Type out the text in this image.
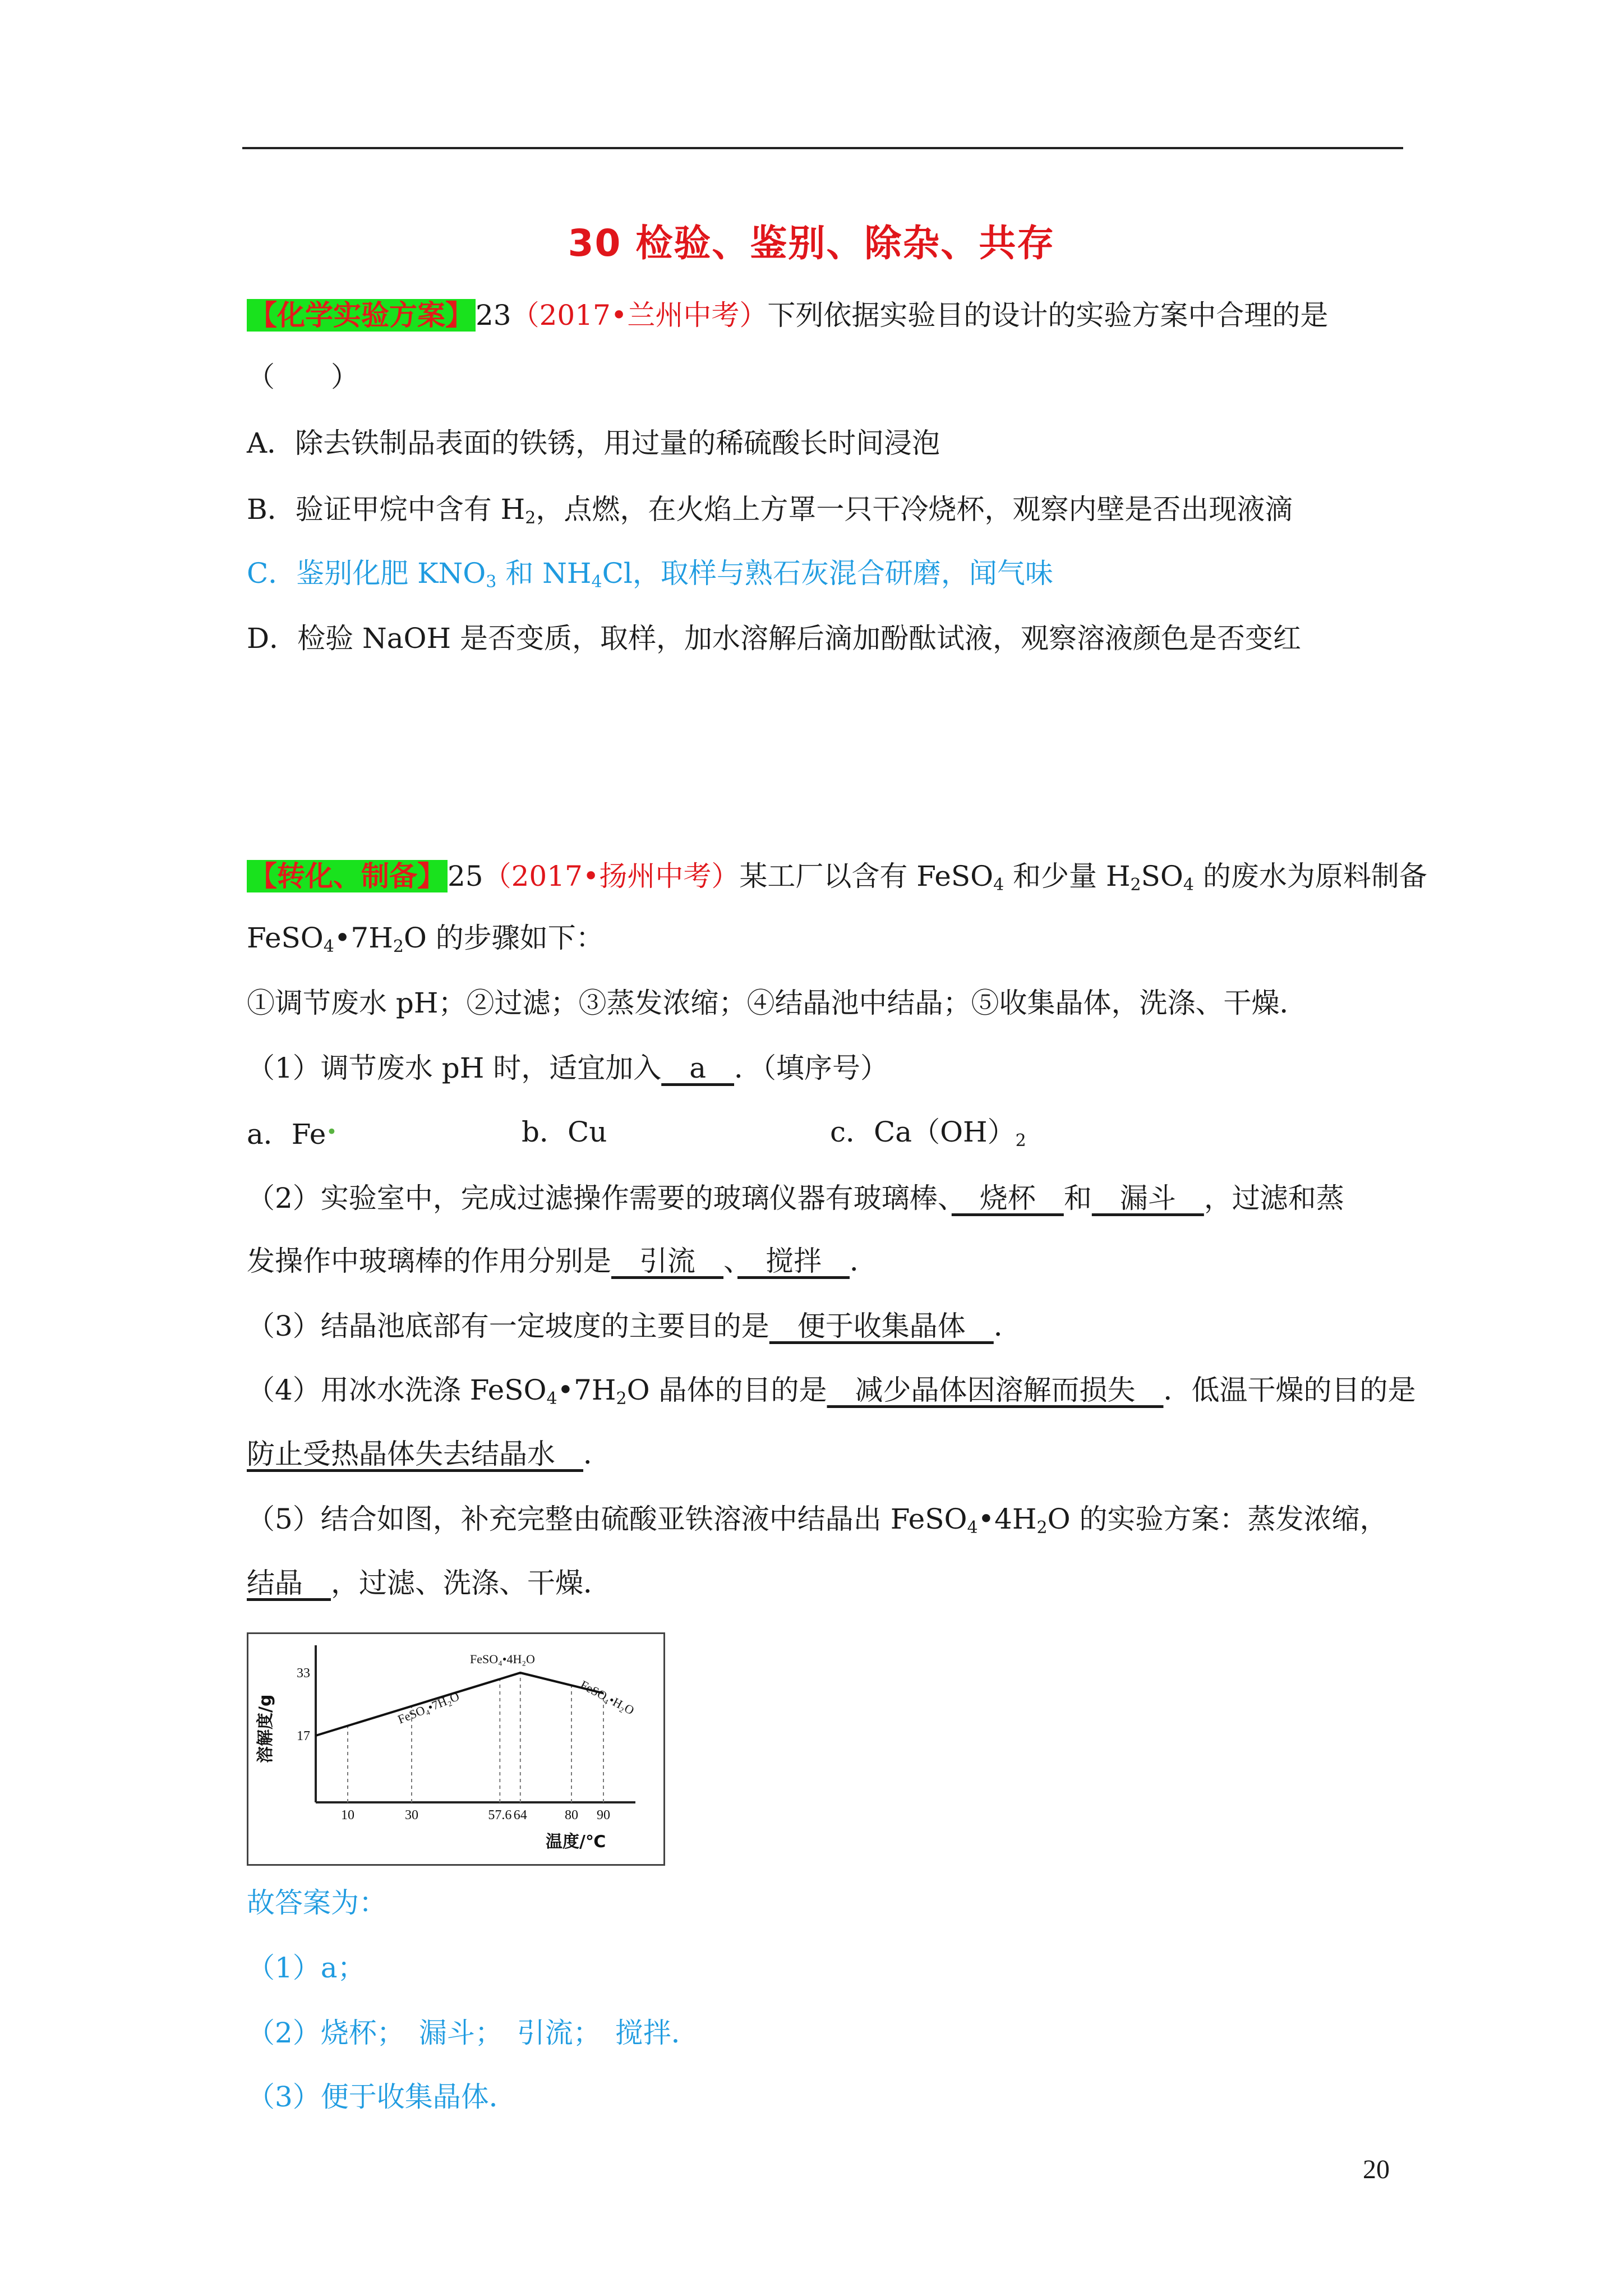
30 检验、鉴别、除杂、共存
【化学实验方案】23（2017•兰州中考）下列依据实验目的设计的实验方案中合理的是
（　　）
A．除去铁制品表面的铁锈，用过量的稀硫酸长时间浸泡
B．验证甲烷中含有 $H_2$，点燃，在火焰上方罩一只干冷烧杯，观察内壁是否出现液滴
C．鉴别化肥 $KNO_3$ 和 $NH_4Cl$，取样与熟石灰混合研磨，闻气味
D．检验 NaOH 是否变质，取样，加水溶解后滴加酚酞试液，观察溶液颜色是否变红
【转化、制备】25（2017•扬州中考）某工厂以含有 FeSO$_4$ 和少量 $H_2SO_4$ 的废水为原料制备
$FeSO_4•7H_2O$ 的步骤如下：
①调节废水 pH；②过滤；③蒸发浓缩；④结晶池中结晶；⑤收集晶体，洗涤、干燥．
（1）调节废水 pH 时，适宜加入　a　．（填序号）
a．Fe•	b．Cu	c．$Ca(OH)_2$
（2）实验室中，完成过滤操作需要的玻璃仪器有玻璃棒、　烧杯　和　漏斗　，过滤和蒸
发操作中玻璃棒的作用分别是　引流　、　搅拌　．
（3）结晶池底部有一定坡度的主要目的是　便于收集晶体　．
（4）用冰水洗涤 $FeSO_4•7H_2O$ 晶体的目的是　减少晶体因溶解而损失　．低温干燥的目的是
防止受热晶体失去结晶水　．
（5）结合如图，补充完整由硫酸亚铁溶液中结晶出 $FeSO_4•4H_2O$ 的实验方案：蒸发浓缩，
结晶　，过滤、洗涤、干燥．
10	30	57.6 64	80 90
33
17
FeSO₄•7H₂O
FeSO₄•4H₂O
FeSO₄•H₂O
溶解度/g
温度/℃
故答案为：
（1）a；
（2）烧杯；　漏斗；　引流；　搅拌．
（3）便于收集晶体．
20
